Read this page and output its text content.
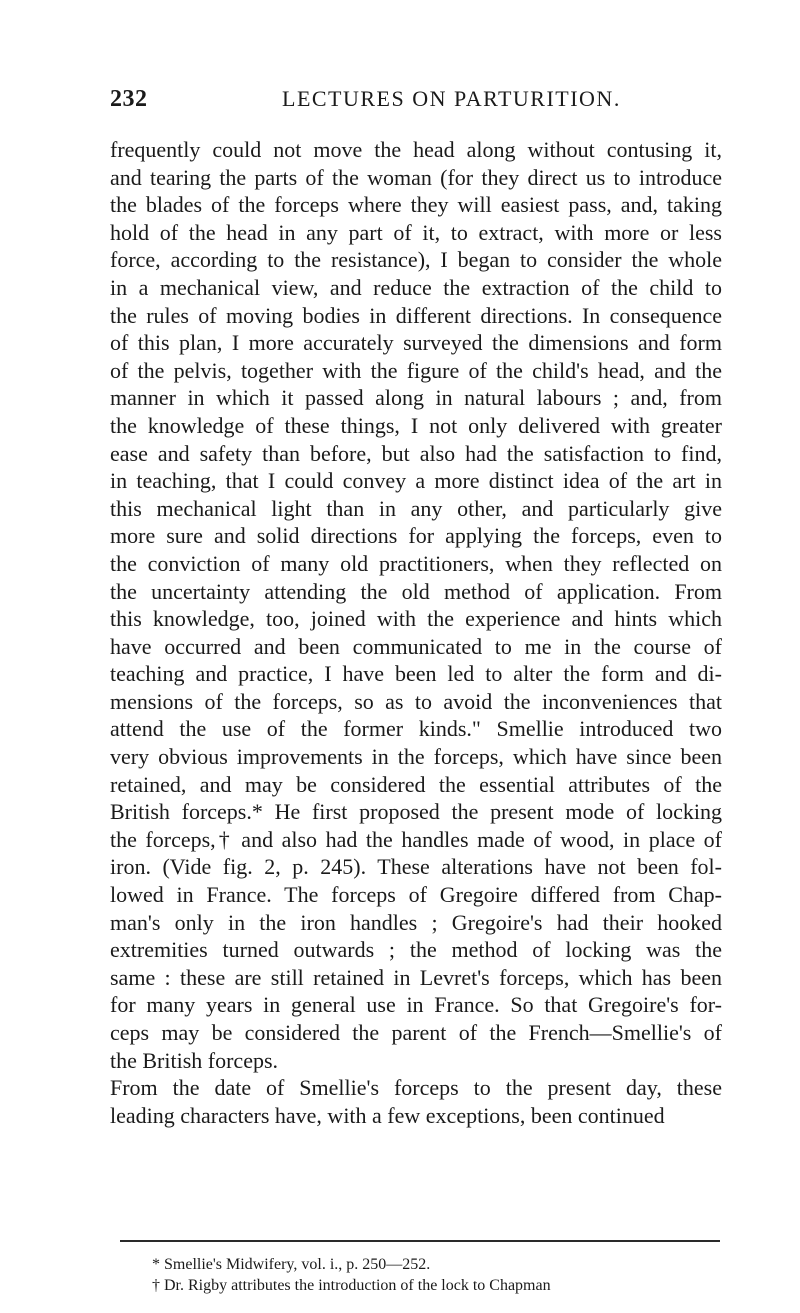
232	LECTURES ON PARTURITION.
frequently could not move the head along without contusing it,
and tearing the parts of the woman (for they direct us to introduce
the blades of the forceps where they will easiest pass, and, taking
hold of the head in any part of it, to extract, with more or less
force, according to the resistance), I began to consider the whole
in a mechanical view, and reduce the extraction of the child to
the rules of moving bodies in different directions. In consequence
of this plan, I more accurately surveyed the dimensions and form
of the pelvis, together with the figure of the child's head, and the
manner in which it passed along in natural labours ; and, from
the knowledge of these things, I not only delivered with greater
ease and safety than before, but also had the satisfaction to find,
in teaching, that I could convey a more distinct idea of the art in
this mechanical light than in any other, and particularly give
more sure and solid directions for applying the forceps, even to
the conviction of many old practitioners, when they reflected on
the uncertainty attending the old method of application. From
this knowledge, too, joined with the experience and hints which
have occurred and been communicated to me in the course of
teaching and practice, I have been led to alter the form and di-
mensions of the forceps, so as to avoid the inconveniences that
attend the use of the former kinds." Smellie introduced two
very obvious improvements in the forceps, which have since been
retained, and may be considered the essential attributes of the
British forceps.* He first proposed the present mode of locking
the forceps,† and also had the handles made of wood, in place of
iron. (Vide fig. 2, p. 245). These alterations have not been fol-
lowed in France. The forceps of Gregoire differed from Chap-
man's only in the iron handles ; Gregoire's had their hooked
extremities turned outwards ; the method of locking was the
same : these are still retained in Levret's forceps, which has been
for many years in general use in France. So that Gregoire's for-
ceps may be considered the parent of the French—Smellie's of
the British forceps.
From the date of Smellie's forceps to the present day, these
leading characters have, with a few exceptions, been continued
* Smellie's Midwifery, vol. i., p. 250—252.
† Dr. Rigby attributes the introduction of the lock to Chapman
